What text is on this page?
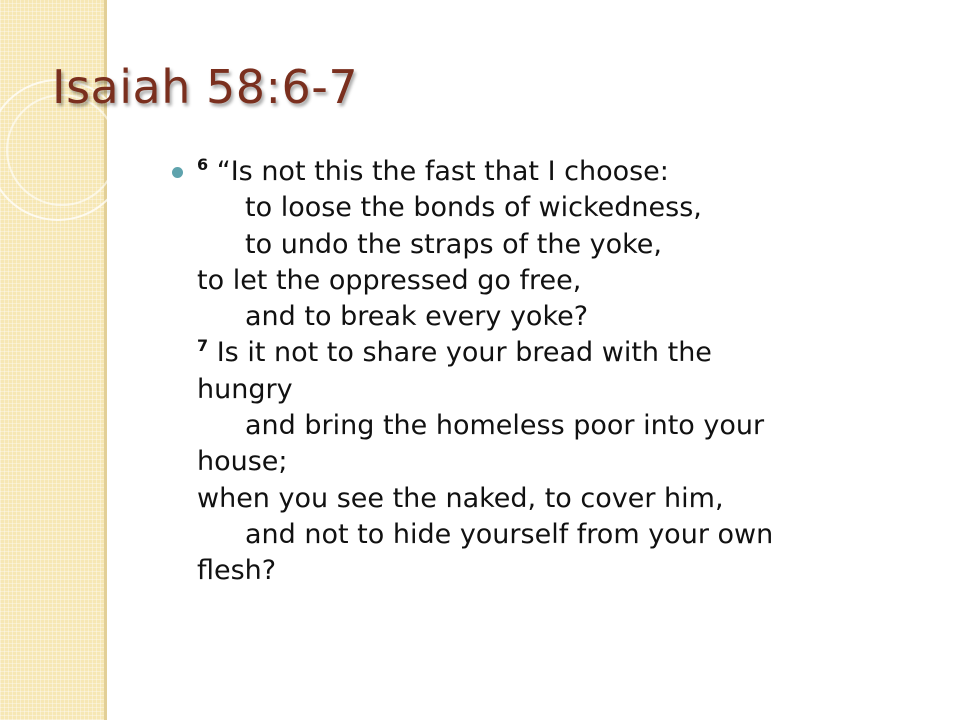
Isaiah 58:6-7
$^6$ “Is not this the fast that I choose:
to loose the bonds of wickedness,
to undo the straps of the yoke,
to let the oppressed go free,
and to break every yoke?
$^7$ Is it not to share your bread with the
hungry
and bring the homeless poor into your
house;
when you see the naked, to cover him,
and not to hide yourself from your own
flesh?
